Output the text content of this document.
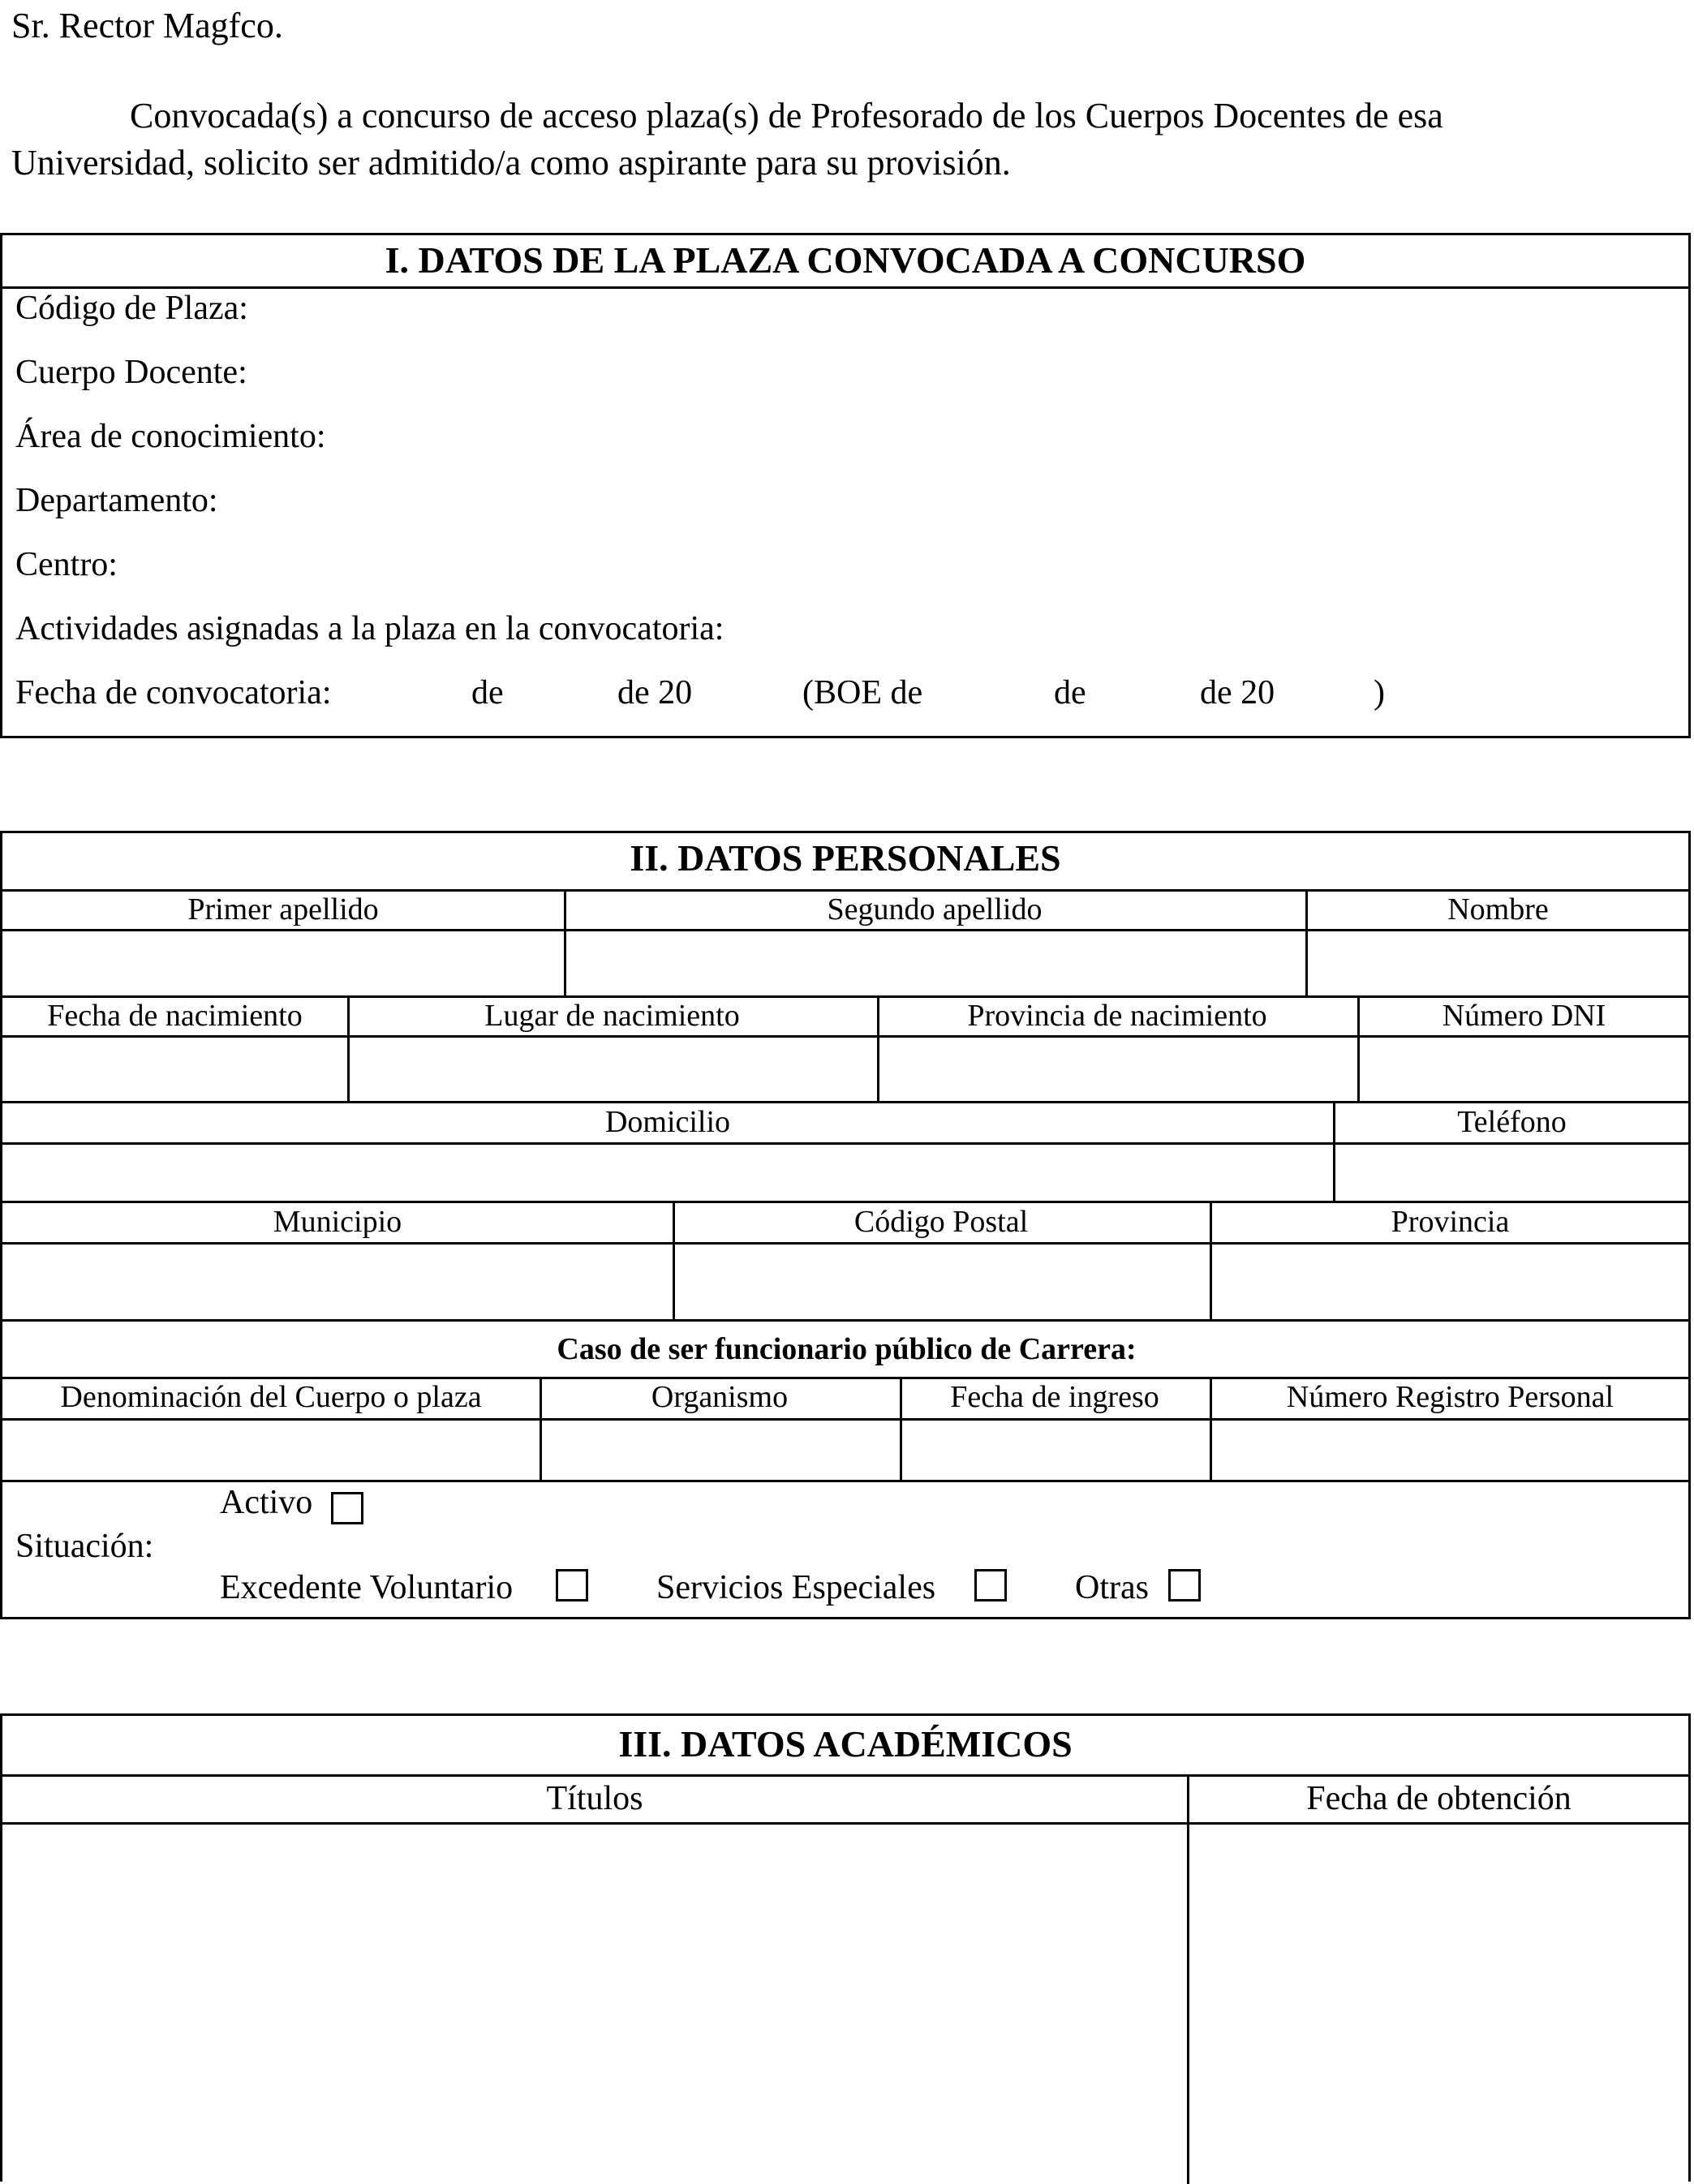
Sr. Rector Magfco.
Convocada(s) a concurso de acceso plaza(s) de Profesorado de los Cuerpos Docentes de esa
Universidad, solicito ser admitido/a como aspirante para su provisión.
I. DATOS DE LA PLAZA CONVOCADA A CONCURSO
Código de Plaza:
Cuerpo Docente:
Área de conocimiento:
Departamento:
Centro:
Actividades asignadas a la plaza en la convocatoria:
Fecha de convocatoria:	de	de 20	(BOE de	de	de 20	)
II. DATOS PERSONALES
Primer apellido	Segundo apellido	Nombre
Fecha de nacimiento	Lugar de nacimiento	Provincia de nacimiento	Número DNI
Domicilio	Teléfono
Municipio	Código Postal	Provincia
Caso de ser funcionario público de Carrera:
Denominación del Cuerpo o plaza	Organismo	Fecha de ingreso	Número Registro Personal
Situación:
Activo
Excedente Voluntario	Servicios Especiales	Otras
III. DATOS ACADÉMICOS
Títulos	Fecha de obtención
